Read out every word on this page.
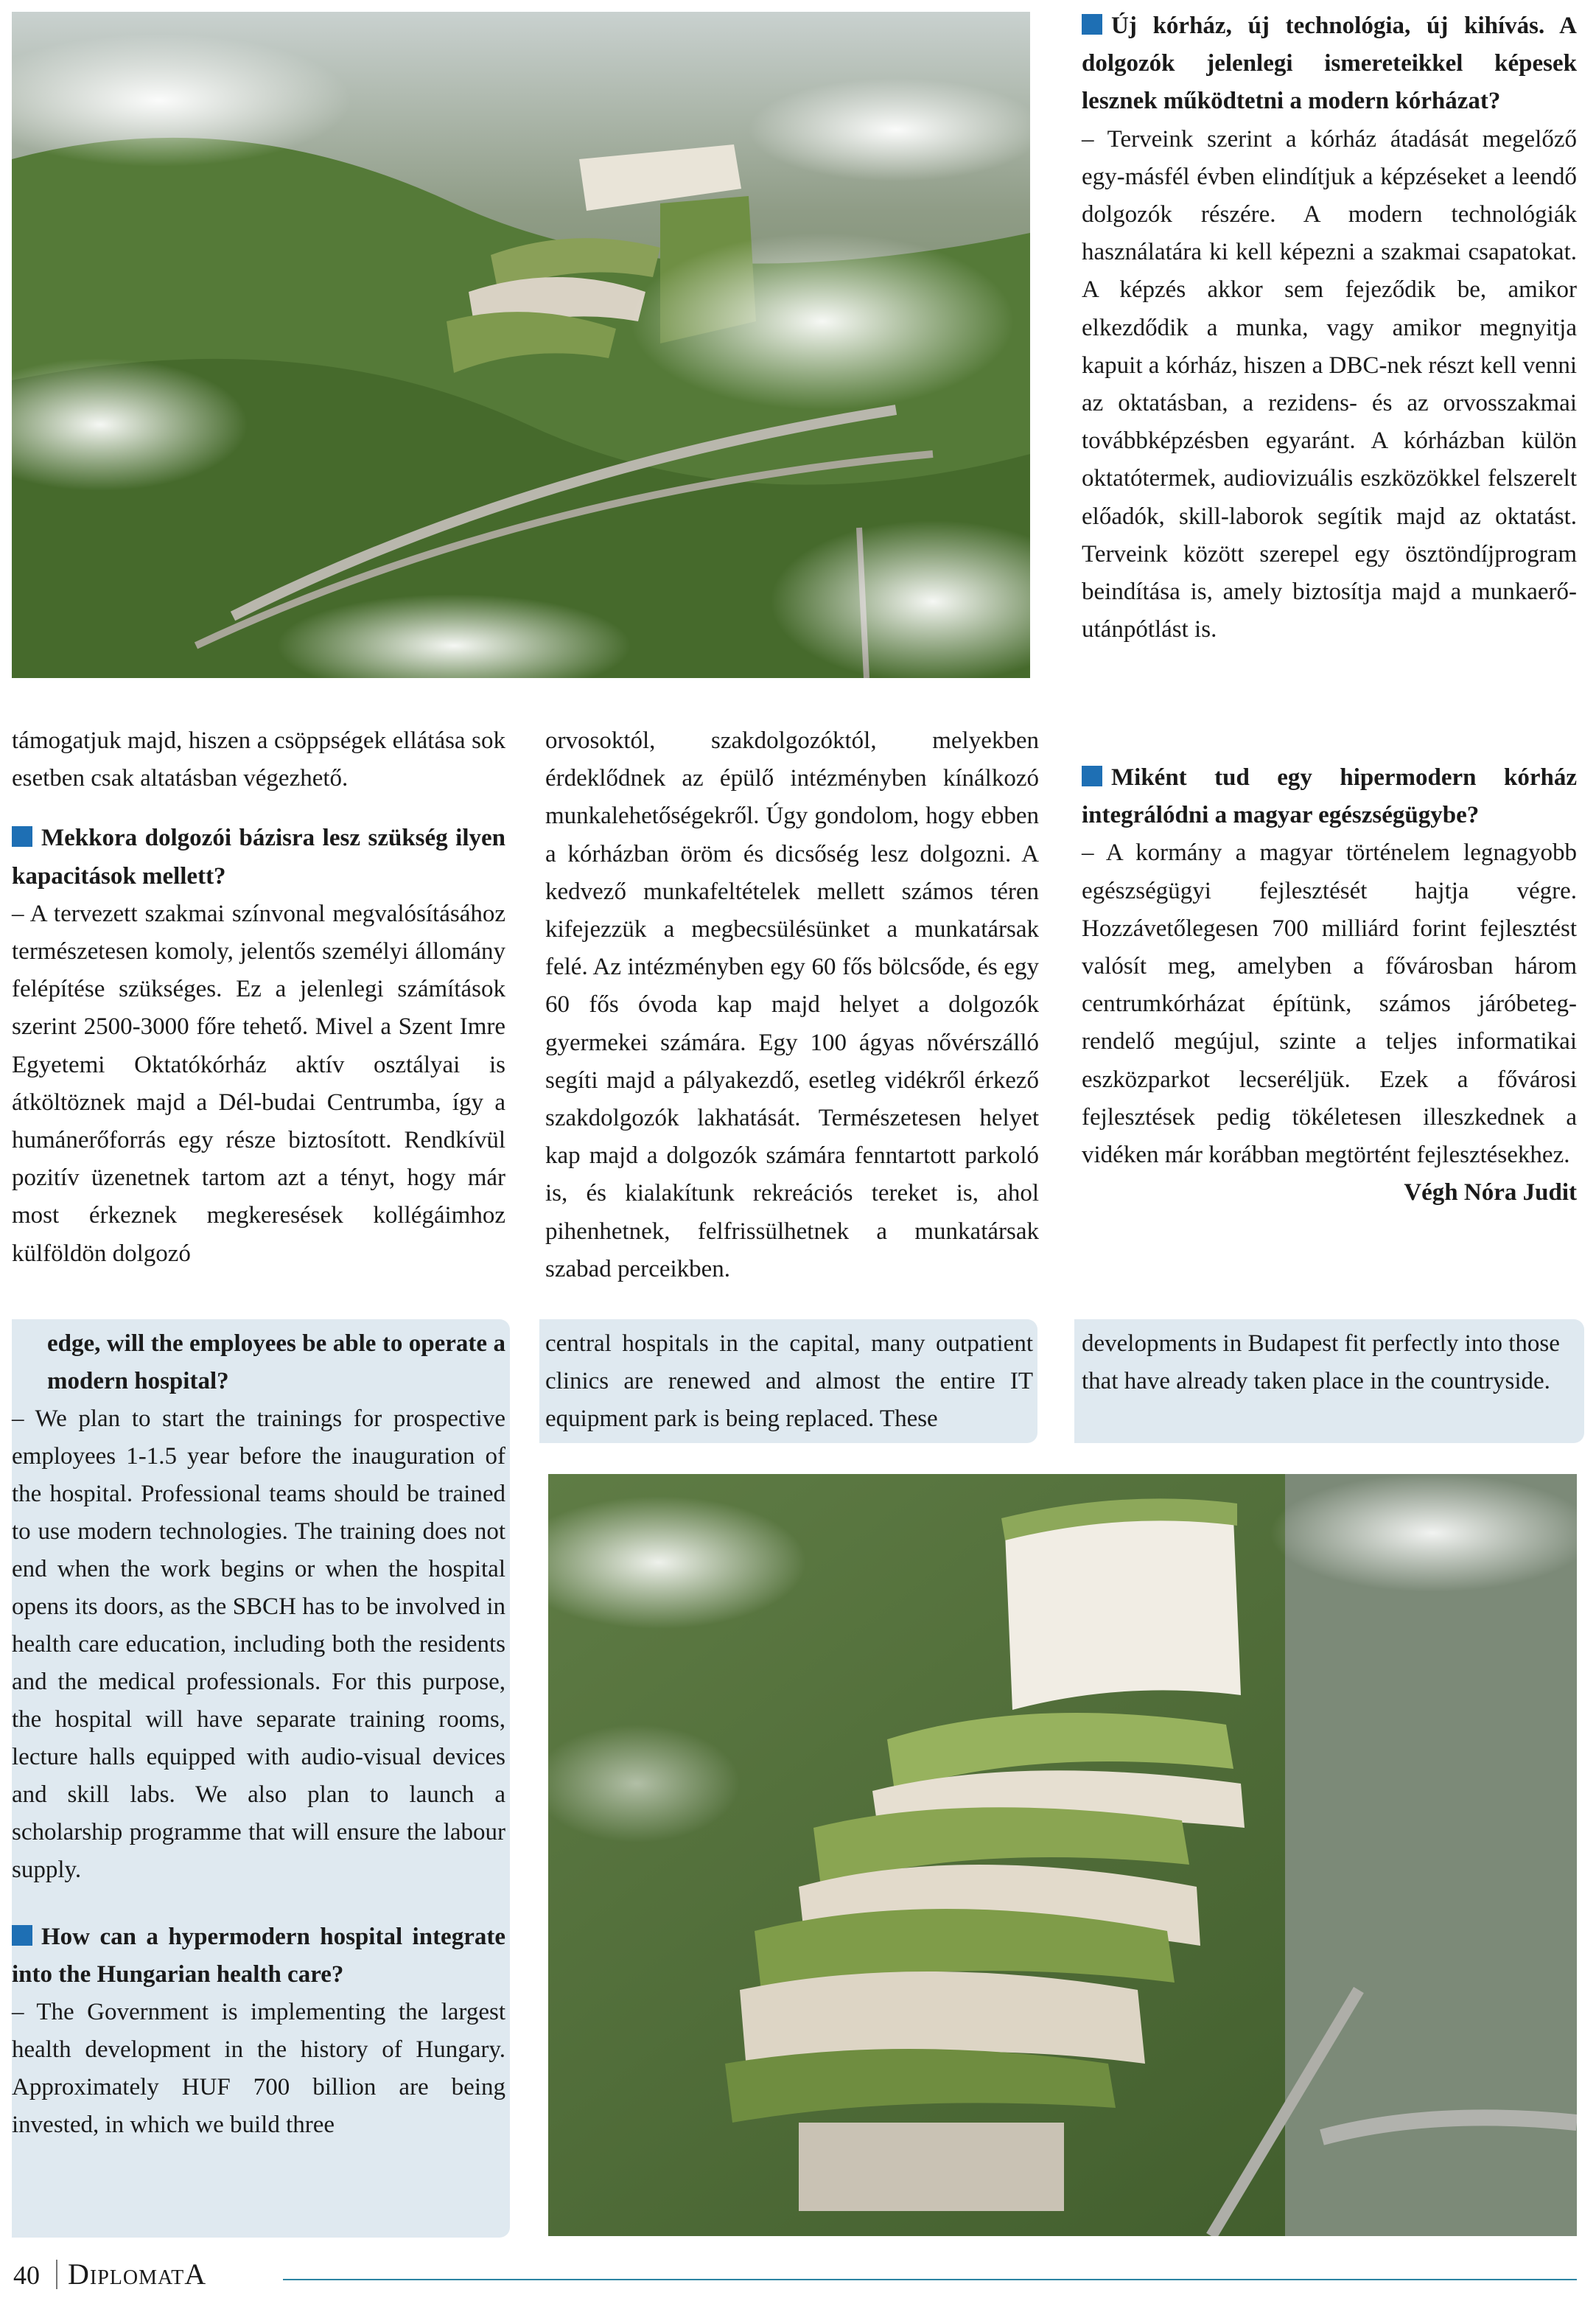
Új kórház, új technológia, új kihívás. A dolgozók jelenlegi ismereteikkel képesek lesznek működtetni a modern kórházat?

– Terveink szerint a kórház átadását megelőző egy-másfél évben elindítjuk a képzéseket a leendő dolgozók részére. A modern technológiák használatára ki kell képezni a szakmai csapatokat. A képzés akkor sem fejeződik be, amikor elkezdődik a munka, vagy amikor megnyitja kapuit a kórház, hiszen a DBC-nek részt kell venni az oktatásban, a rezidens- és az orvosszakmai továbbképzésben egyaránt. A kórházban külön oktatótermek, audiovizuális eszközökkel felszerelt előadók, skill-laborok segítik majd az oktatást. Terveink között szerepel egy ösztöndíjprogram beindítása is, amely biztosítja majd a munkaerő-utánpótlást is.

támogatjuk majd, hiszen a csöppségek ellátása sok esetben csak altatásban végezhető.

Mekkora dolgozói bázisra lesz szükség ilyen kapacitások mellett?

– A tervezett szakmai színvonal megvalósításához természetesen komoly, jelentős személyi állomány felépítése szükséges. Ez a jelenlegi számítások szerint 2500-3000 főre tehető. Mivel a Szent Imre Egyetemi Oktatókórház aktív osztályai is átköltöznek majd a Dél-budai Centrumba, így a humánerőforrás egy része biztosított. Rendkívül pozitív üzenetnek tartom azt a tényt, hogy már most érkeznek megkeresések kollégáimhoz külföldön dolgozó

orvosoktól, szakdolgozóktól, melyekben érdeklődnek az épülő intézményben kínálkozó munkalehetőségekről. Úgy gondolom, hogy ebben a kórházban öröm és dicsőség lesz dolgozni. A kedvező munkafeltételek mellett számos téren kifejezzük a megbecsülésünket a munkatársak felé. Az intézményben egy 60 fős bölcsőde, és egy 60 fős óvoda kap majd helyet a dolgozók gyermekei számára. Egy 100 ágyas nővérszálló segíti majd a pályakezdő, esetleg vidékről érkező szakdolgozók lakhatását. Természetesen helyet kap majd a dolgozók számára fenntartott parkoló is, és kialakítunk rekreációs tereket is, ahol pihenhetnek, felfrissülhetnek a munkatársak szabad perceikben.

Miként tud egy hipermodern kórház integrálódni a magyar egészségügybe?

– A kormány a magyar történelem legnagyobb egészségügyi fejlesztését hajtja végre. Hozzávetőlegesen 700 milliárd forint fejlesztést valósít meg, amelyben a fővárosban három centrumkórházat építünk, számos járóbeteg-rendelő megújul, szinte a teljes informatikai eszközparkot lecseréljük. Ezek a fővárosi fejlesztések pedig tökéletesen illeszkednek a vidéken már korábban megtörtént fejlesztésekhez.

Végh Nóra Judit

edge, will the employees be able to operate a modern hospital?

– We plan to start the trainings for prospective employees 1-1.5 year before the inauguration of the hospital. Professional teams should be trained to use modern technologies. The training does not end when the work begins or when the hospital opens its doors, as the SBCH has to be involved in health care education, including both the residents and the medical professionals. For this purpose, the hospital will have separate training rooms, lecture halls equipped with audio-visual devices and skill labs. We also plan to launch a scholarship programme that will ensure the labour supply.

How can a hypermodern hospital integrate into the Hungarian health care?

– The Government is implementing the largest health development in the history of Hungary. Approximately HUF 700 billion are being invested, in which we build three

central hospitals in the capital, many outpatient clinics are renewed and almost the entire IT equipment park is being replaced. These

developments in Budapest fit perfectly into those that have already taken place in the countryside.

40 DiplomatA
